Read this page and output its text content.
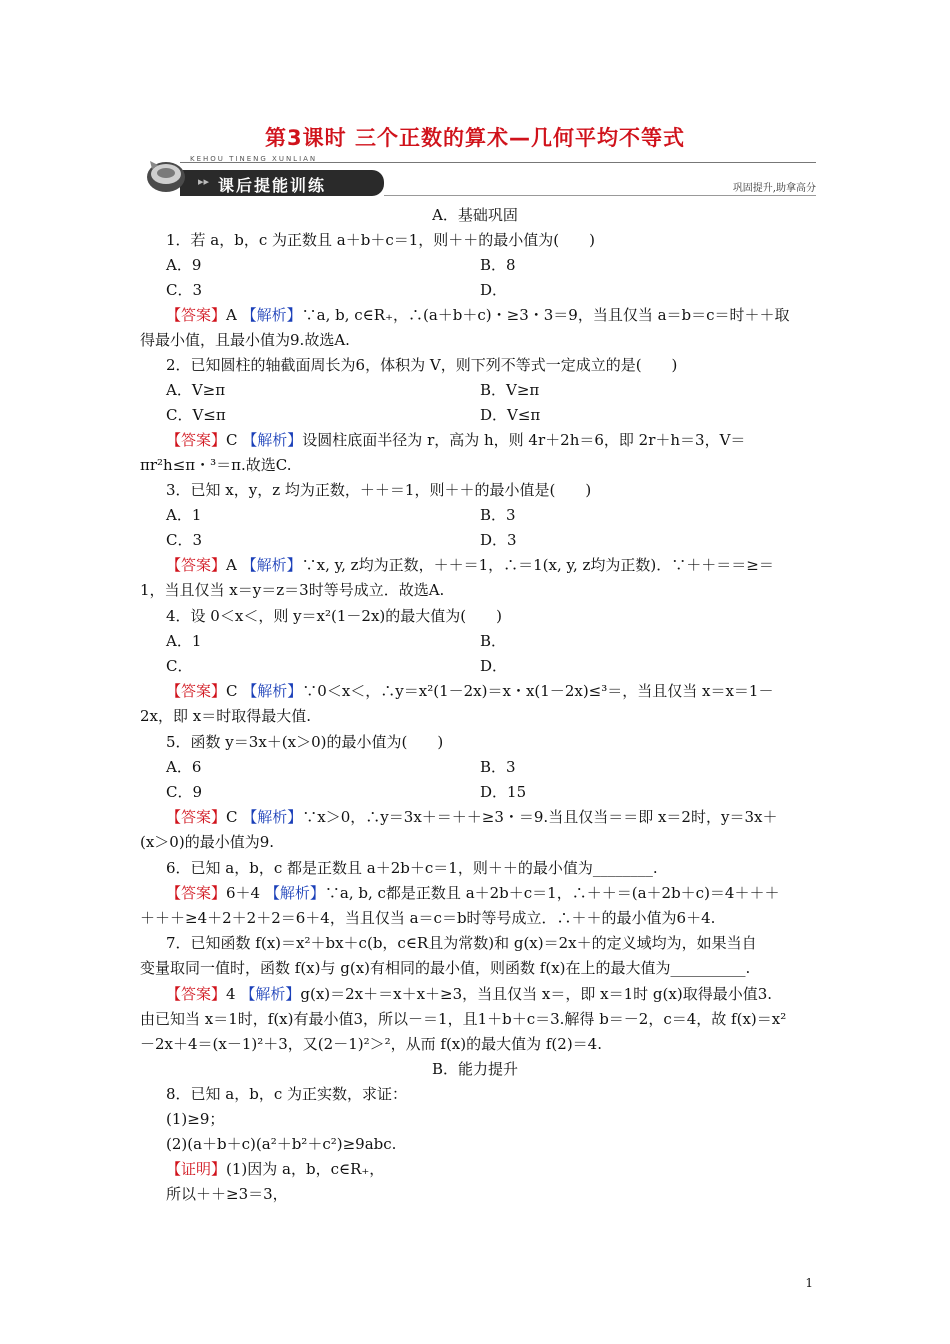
第3课时 三个正数的算术—几何平均不等式
KEHOU TINENG XUNLIAN
▸▸ 课后提能训练	巩固提升,助拿高分
A．基础巩固
1．若 a，b，c 为正数且 a＋b＋c＝1，则＋＋的最小值为(　　)
A．9	B．8
C．3	D．
【答案】A 【解析】∵a, b, c∈R₊，∴(a＋b＋c)・≥3・3＝9，当且仅当 a＝b＝c＝时＋＋取
得最小值，且最小值为9.故选A.
2．已知圆柱的轴截面周长为6，体积为 V，则下列不等式一定成立的是(　　)
A．V≥π	B．V≥π
C．V≤π	D．V≤π
【答案】C 【解析】设圆柱底面半径为 r，高为 h，则 4r＋2h＝6，即 2r＋h＝3，V＝
πr²h≤π・³＝π.故选C.
3．已知 x，y，z 均为正数，＋＋＝1，则＋＋的最小值是(　　)
A．1	B．3
C．3	D．3
【答案】A 【解析】∵x, y, z均为正数，＋＋＝1，∴＝1(x, y, z均为正数)．∵＋＋＝＝≥＝
1，当且仅当 x＝y＝z＝3时等号成立．故选A.
4．设 0＜x＜，则 y＝x²(1－2x)的最大值为(　　)
A．1	B．
C．	D．
【答案】C 【解析】∵0＜x＜，∴y＝x²(1－2x)＝x・x(1－2x)≤³＝，当且仅当 x＝x＝1－
2x，即 x＝时取得最大值.
5．函数 y＝3x＋(x＞0)的最小值为(　　)
A．6	B．3
C．9	D．15
【答案】C 【解析】∵x＞0，∴y＝3x＋＝＋＋≥3・＝9.当且仅当＝＝即 x＝2时，y＝3x＋
(x＞0)的最小值为9.
6．已知 a，b，c 都是正数且 a＋2b＋c＝1，则＋＋的最小值为________.
【答案】6＋4 【解析】∵a, b, c都是正数且 a＋2b＋c＝1，∴＋＋＝(a＋2b＋c)＝4＋＋＋
＋＋＋≥4＋2＋2＋2＝6＋4，当且仅当 a＝c＝b时等号成立．∴＋＋的最小值为6＋4.
7．已知函数 f(x)＝x²＋bx＋c(b，c∈R且为常数)和 g(x)＝2x＋的定义域均为，如果当自
变量取同一值时，函数 f(x)与 g(x)有相同的最小值，则函数 f(x)在上的最大值为__________.
【答案】4 【解析】g(x)＝2x＋＝x＋x＋≥3，当且仅当 x＝，即 x＝1时 g(x)取得最小值3.
由已知当 x＝1时，f(x)有最小值3，所以－＝1，且1＋b＋c＝3.解得 b＝－2，c＝4，故 f(x)＝x²
－2x＋4＝(x－1)²＋3，又(2－1)²＞²，从而 f(x)的最大值为 f(2)＝4.
B．能力提升
8．已知 a，b，c 为正实数，求证：
(1)≥9；
(2)(a＋b＋c)(a²＋b²＋c²)≥9abc.
【证明】(1)因为 a，b，c∈R₊，
所以＋＋≥3＝3，
1
